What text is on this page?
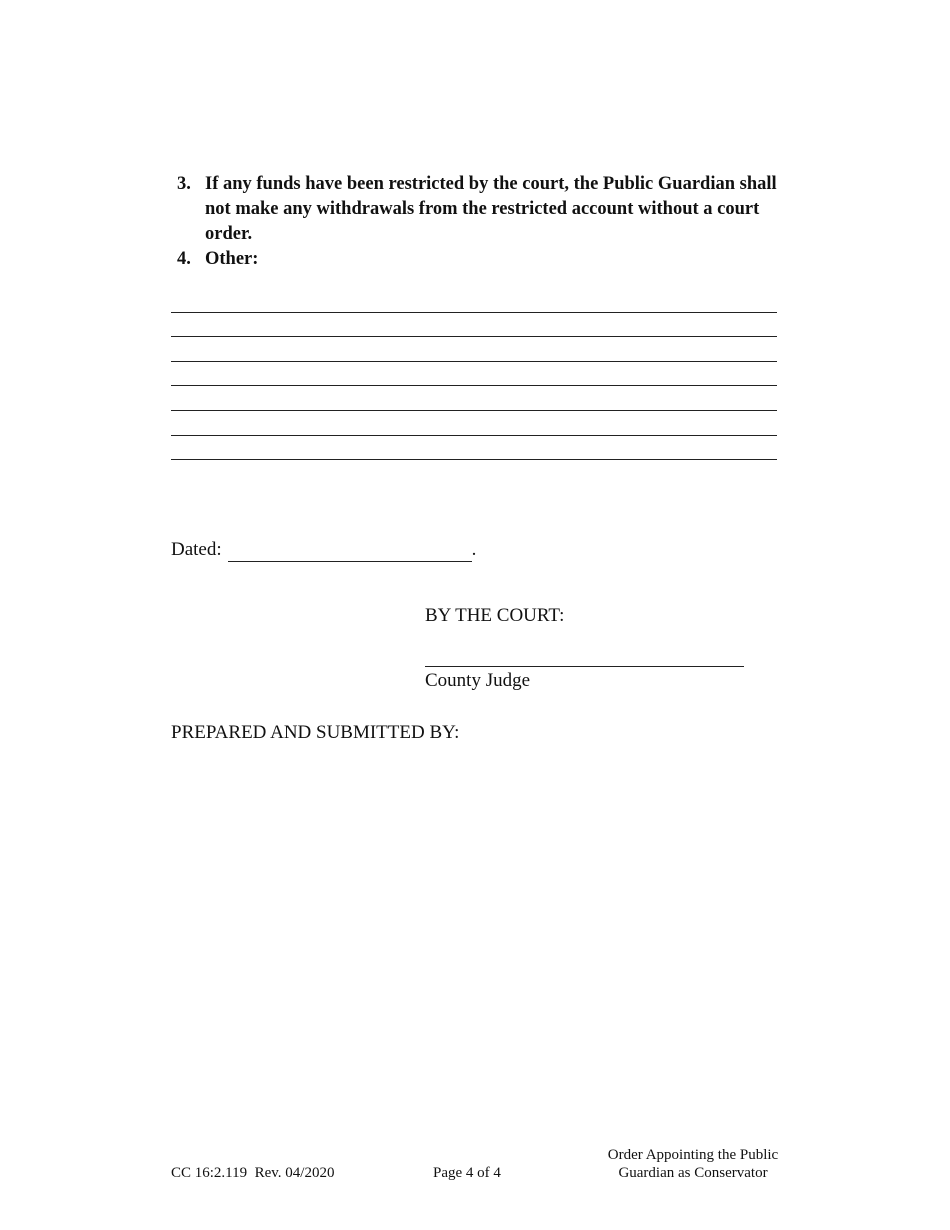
3. If any funds have been restricted by the court, the Public Guardian shall not make any withdrawals from the restricted account without a court order.
4. Other:
Dated:	.
BY THE COURT:
County Judge
PREPARED AND SUBMITTED BY:
CC 16:2.119  Rev. 04/2020	Page 4 of 4
Order Appointing the Public
Guardian as Conservator
